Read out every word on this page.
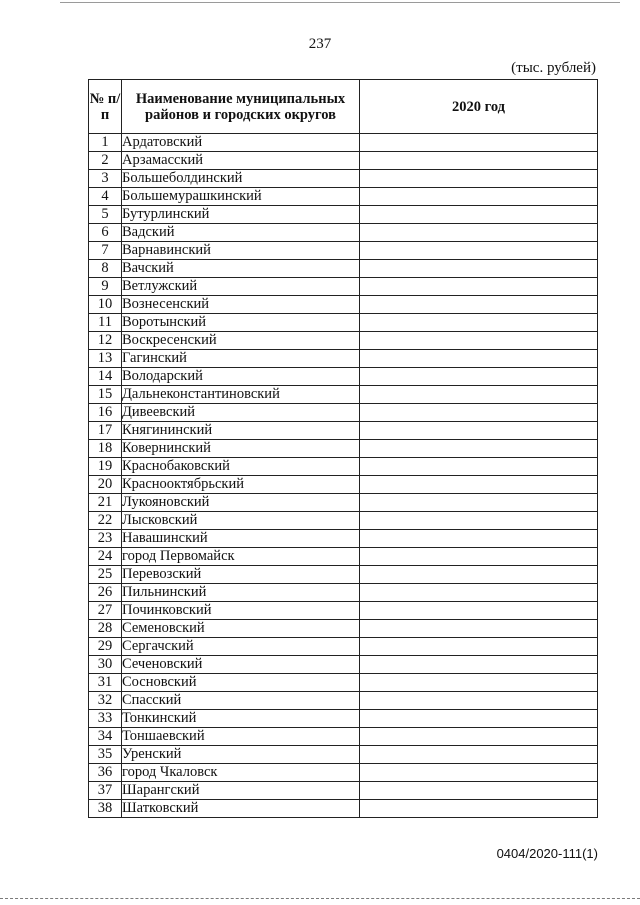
237
(тыс. рублей)
№ п/п	Наименование муниципальных районов и городских округов	2020 год
1	Ардатовский	
2	Арзамасский	
3	Большеболдинский	
4	Большемурашкинский	
5	Бутурлинский	
6	Вадский	
7	Варнавинский	
8	Вачский	
9	Ветлужский	
10	Вознесенский	
11	Воротынский	
12	Воскресенский	
13	Гагинский	
14	Володарский	
15	Дальнеконстантиновский	
16	Дивеевский	
17	Княгининский	
18	Ковернинский	
19	Краснобаковский	
20	Краснооктябрьский	
21	Лукояновский	
22	Лысковский	
23	Навашинский	
24	город Первомайск	
25	Перевозский	
26	Пильнинский	
27	Починковский	
28	Семеновский	
29	Сергачский	
30	Сеченовский	
31	Сосновский	
32	Спасский	
33	Тонкинский	
34	Тоншаевский	
35	Уренский	
36	город Чкаловск	
37	Шарангский	
38	Шатковский	
0404/2020-111(1)
